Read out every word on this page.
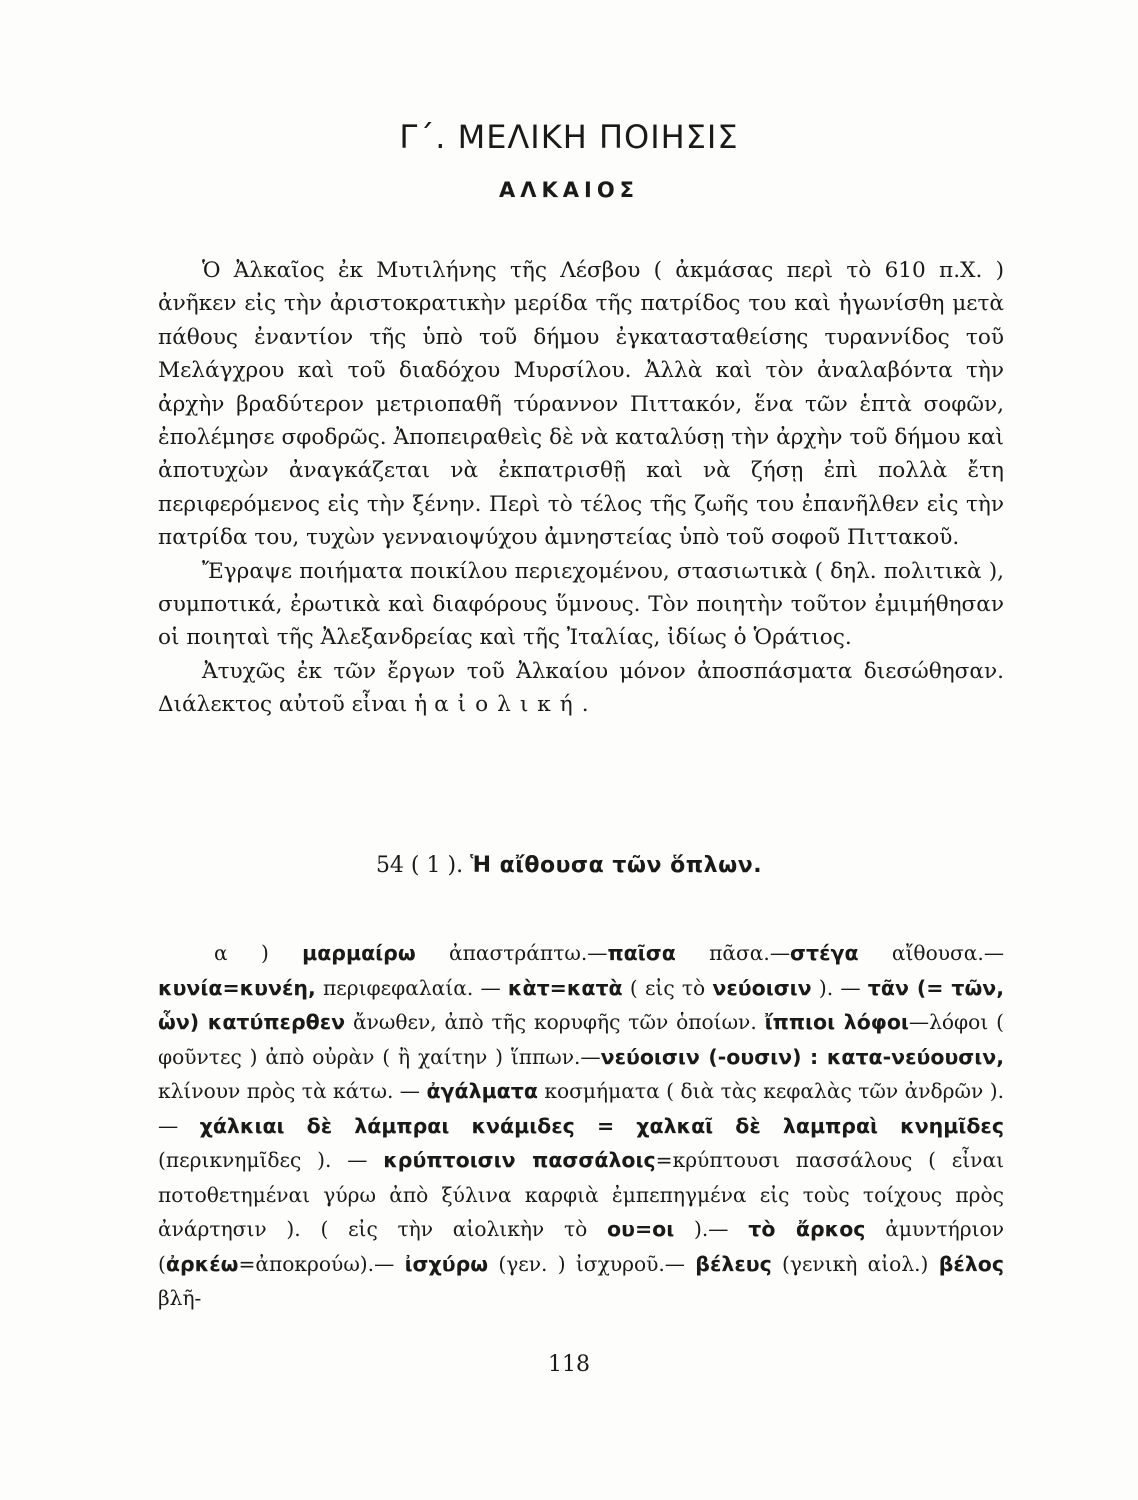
Γ΄. ΜΕΛΙΚΗ ΠΟΙΗΣΙΣ
ΑΛΚΑΙΟΣ

Ὁ Ἀλκαῖος ἐκ Μυτιλήνης τῆς Λέσβου ( ἀκμάσας περὶ τὸ 610 π.Χ. ) ἀνῆκεν εἰς τὴν ἀριστοκρατικὴν μερίδα τῆς πατρίδος του καὶ ἠγωνίσθη μετὰ πάθους ἐναντίον τῆς ὑπὸ τοῦ δήμου ἐγκατασταθείσης τυραννίδος τοῦ Μελάγχρου καὶ τοῦ διαδόχου Μυρσίλου. Ἀλλὰ καὶ τὸν ἀναλαβόντα τὴν ἀρχὴν βραδύτερον μετριοπαθῆ τύραννον Πιττακόν, ἕνα τῶν ἑπτὰ σοφῶν, ἐπολέμησε σφοδρῶς. Ἀποπειραθεὶς δὲ νὰ καταλύσῃ τὴν ἀρχὴν τοῦ δήμου καὶ ἀποτυχὼν ἀναγκάζεται νὰ ἐκπατρισθῇ καὶ νὰ ζήσῃ ἐπὶ πολλὰ ἔτη περιφερόμενος εἰς τὴν ξένην. Περὶ τὸ τέλος τῆς ζωῆς του ἐπανῆλθεν εἰς τὴν πατρίδα του, τυχὼν γενναιοψύχου ἀμνηστείας ὑπὸ τοῦ σοφοῦ Πιττακοῦ.

Ἔγραψε ποιήματα ποικίλου περιεχομένου, στασιωτικὰ ( δηλ. πολιτικὰ ), συμποτικά, ἐρωτικὰ καὶ διαφόρους ὕμνους. Τὸν ποιητὴν τοῦτον ἐμιμήθησαν οἱ ποιηταὶ τῆς Ἀλεξανδρείας καὶ τῆς Ἰταλίας, ἰδίως ὁ Ὁράτιος.

Ἀτυχῶς ἐκ τῶν ἔργων τοῦ Ἀλκαίου μόνον ἀποσπάσματα διεσώθησαν. Διάλεκτος αὐτοῦ εἶναι ἡ αἰολική.

54 ( 1 ). Ἡ αἴθουσα τῶν ὅπλων.
α ) μαρμαίρω ἀπαστράπτω.—παῖσα πᾶσα.—στέγα αἴθουσα.—κυνία=κυνέη, περιφεφαλαία. — κὰτ=κατὰ ( εἰς τὸ νεύοισιν ). — τᾶν (= τῶν, ὧν) κατύπερθεν ἄνωθεν, ἀπὸ τῆς κορυφῆς τῶν ὁποίων. ἴππιοι λόφοι—λόφοι ( φοῦντες ) ἀπὸ οὐρὰν ( ἢ χαίτην ) ἵππων.—νεύοισιν (-ουσιν) : κατα-νεύουσιν, κλίνουν πρὸς τὰ κάτω. — ἀγάλματα κοσμήματα ( διὰ τὰς κεφαλὰς τῶν ἀνδρῶν ). — χάλκιαι δὲ λάμπραι κνάμιδες = χαλκαῖ δὲ λαμπραὶ κνημῖδες (περικνημῖδες ). — κρύπτοισιν πασσάλοις=κρύπτουσι πασσάλους ( εἶναι ποτοθετημέναι γύρω ἀπὸ ξύλινα καρφιὰ ἐμπεπηγμένα εἰς τοὺς τοίχους πρὸς ἀνάρτησιν ). ( εἰς τὴν αἰολικὴν τὸ ου=οι ).— τὸ ἄρκος ἀμυντήριον (ἀρκέω=ἀποκρούω).— ἰσχύρω (γεν. ) ἰσχυροῦ.— βέλευς (γενικὴ αἰολ.) βέλος βλῆ-
118
